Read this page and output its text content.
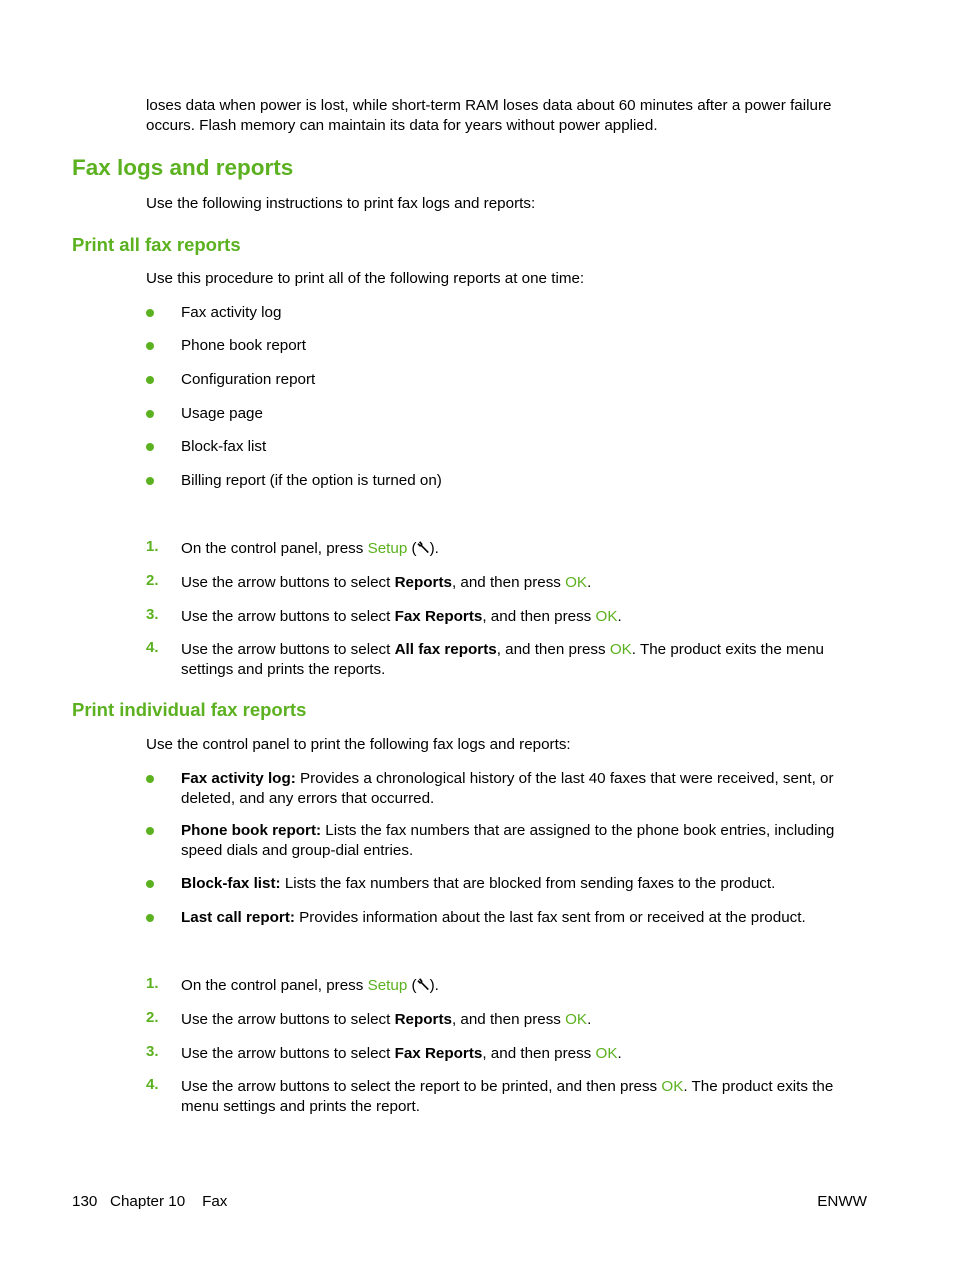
loses data when power is lost, while short-term RAM loses data about 60 minutes after a power failure occurs. Flash memory can maintain its data for years without power applied.
Fax logs and reports
Use the following instructions to print fax logs and reports:
Print all fax reports
Use this procedure to print all of the following reports at one time:
Fax activity log
Phone book report
Configuration report
Usage page
Block-fax list
Billing report (if the option is turned on)
1. On the control panel, press Setup ( ).
2. Use the arrow buttons to select Reports, and then press OK.
3. Use the arrow buttons to select Fax Reports, and then press OK.
4. Use the arrow buttons to select All fax reports, and then press OK. The product exits the menu settings and prints the reports.
Print individual fax reports
Use the control panel to print the following fax logs and reports:
Fax activity log: Provides a chronological history of the last 40 faxes that were received, sent, or deleted, and any errors that occurred.
Phone book report: Lists the fax numbers that are assigned to the phone book entries, including speed dials and group-dial entries.
Block-fax list: Lists the fax numbers that are blocked from sending faxes to the product.
Last call report: Provides information about the last fax sent from or received at the product.
1. On the control panel, press Setup ( ).
2. Use the arrow buttons to select Reports, and then press OK.
3. Use the arrow buttons to select Fax Reports, and then press OK.
4. Use the arrow buttons to select the report to be printed, and then press OK. The product exits the menu settings and prints the report.
130 Chapter 10 Fax	ENWW
